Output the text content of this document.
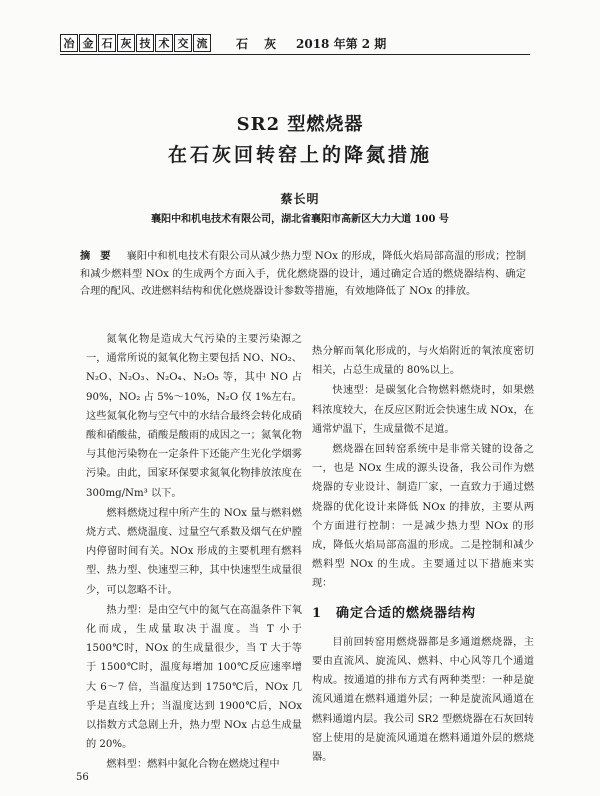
冶 金 石 灰 技 术 交 流 石 灰 2018 年第 2 期
SR2 型燃烧器
在石灰回转窑上的降氮措施
蔡长明
襄阳中和机电技术有限公司，湖北省襄阳市高新区大力大道 100 号
摘要 襄阳中和机电技术有限公司从减少热力型 NOx 的形成，降低火焰局部高温的形成；控制和减少燃料型 NOx 的生成两个方面入手，优化燃烧器的设计，通过确定合适的燃烧器结构、确定合理的配风、改进燃料结构和优化燃烧器设计参数等措施，有效地降低了 NOx 的排放。

氮氧化物是造成大气污染的主要污染源之一，通常所说的氮氧化物主要包括 NO、NO₂、N₂O、N₂O₃、N₂O₄、N₂O₅ 等，其中 NO 占 90%，NO₂ 占 5%～10%，N₂O 仅 1%左右。这些氮氧化物与空气中的水结合最终会转化成硝酸和硝酸盐，硝酸是酸雨的成因之一；氮氧化物与其他污染物在一定条件下还能产生光化学烟雾污染。由此，国家环保要求氮氧化物排放浓度在 300mg/Nm³ 以下。

燃料燃烧过程中所产生的 NOx 量与燃料燃烧方式、燃烧温度、过量空气系数及烟气在炉膛内停留时间有关。NOx 形成的主要机理有燃料型、热力型、快速型三种，其中快速型生成量很少，可以忽略不计。

热力型：是由空气中的氮气在高温条件下氧化而成，生成量取决于温度。当 T 小于 1500℃时，NOx 的生成量很少，当 T 大于等于 1500℃时，温度每增加 100℃反应速率增大 6～7 倍，当温度达到 1750℃后，NOx 几乎是直线上升；当温度达到 1900℃后，NOx 以指数方式急剧上升，热力型 NOx 占总生成量的 20%。

燃料型：燃料中氮化合物在燃烧过程中

热分解而氧化形成的，与火焰附近的氧浓度密切相关，占总生成量的 80%以上。

快速型：是碳氢化合物燃料燃烧时，如果燃料浓度较大，在反应区附近会快速生成 NOx，在通常炉温下，生成量微不足道。

燃烧器在回转窑系统中是非常关键的设备之一，也是 NOx 生成的源头设备，我公司作为燃烧器的专业设计、制造厂家，一直致力于通过燃烧器的优化设计来降低 NOx 的排放，主要从两个方面进行控制：一是减少热力型 NOx 的形成，降低火焰局部高温的形成。二是控制和减少燃料型 NOx 的生成。主要通过以下措施来实现：

1 确定合适的燃烧器结构

目前回转窑用燃烧器都是多通道燃烧器，主要由直流风、旋流风、燃料、中心风等几个通道构成。按通道的排布方式有两种类型：一种是旋流风通道在燃料通道外层；一种是旋流风通道在燃料通道内层。我公司 SR2 型燃烧器在石灰回转窑上使用的是旋流风通道在燃料通道外层的燃烧器。

56
